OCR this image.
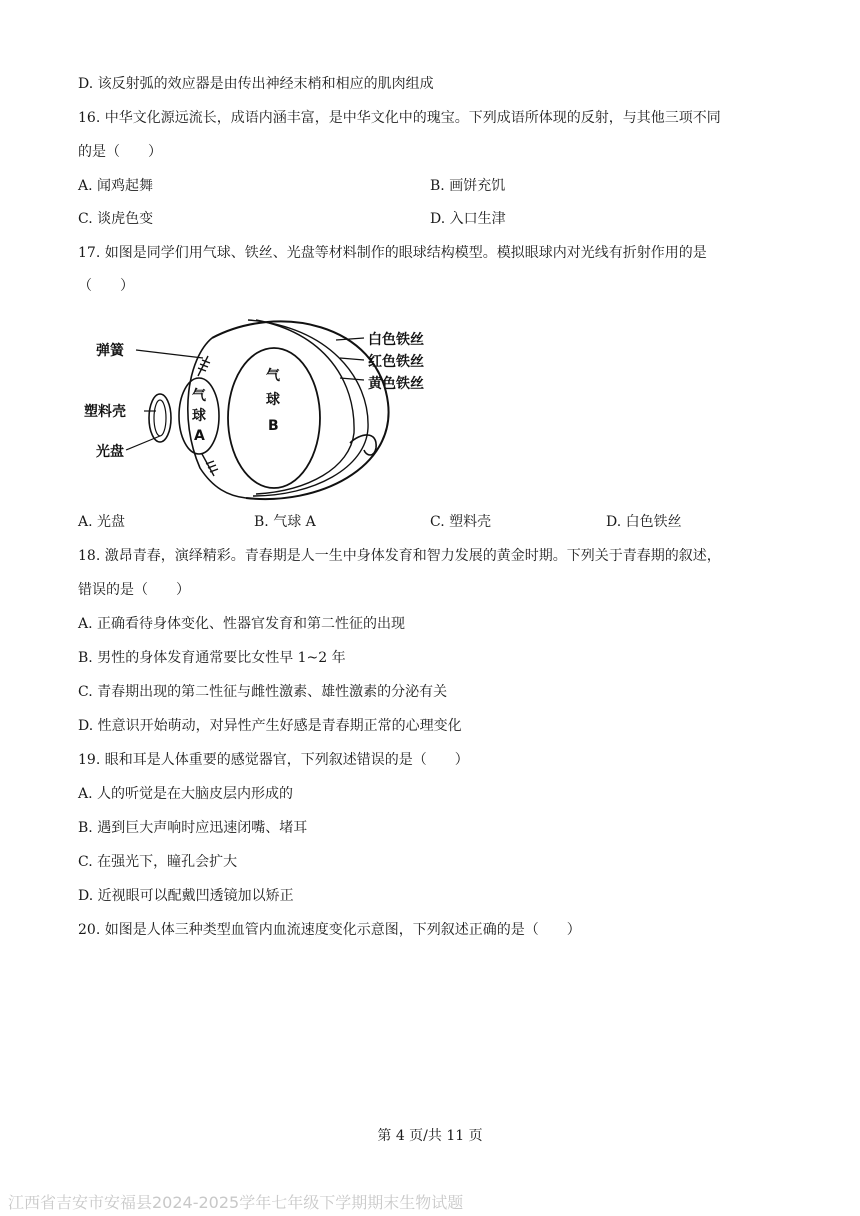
D. 该反射弧的效应器是由传出神经末梢和相应的肌肉组成
16. 中华文化源远流长，成语内涵丰富，是中华文化中的瑰宝。下列成语所体现的反射，与其他三项不同
的是（　　）
A. 闻鸡起舞	B. 画饼充饥
C. 谈虎色变	D. 入口生津
17. 如图是同学们用气球、铁丝、光盘等材料制作的眼球结构模型。模拟眼球内对光线有折射作用的是
（　　）
弹簧
塑料壳
光盘
白色铁丝
红色铁丝
黄色铁丝
气
球
A
气
球
B
A. 光盘	B. 气球 A	C. 塑料壳	D. 白色铁丝
18. 激昂青春，演绎精彩。青春期是人一生中身体发育和智力发展的黄金时期。下列关于青春期的叙述，
错误的是（　　）
A. 正确看待身体变化、性器官发育和第二性征的出现
B. 男性的身体发育通常要比女性早 1~2 年
C. 青春期出现的第二性征与雌性激素、雄性激素的分泌有关
D. 性意识开始萌动，对异性产生好感是青春期正常的心理变化
19. 眼和耳是人体重要的感觉器官，下列叙述错误的是（　　）
A. 人的听觉是在大脑皮层内形成的
B. 遇到巨大声响时应迅速闭嘴、堵耳
C. 在强光下，瞳孔会扩大
D. 近视眼可以配戴凹透镜加以矫正
20. 如图是人体三种类型血管内血流速度变化示意图，下列叙述正确的是（　　）
第 4 页/共 11 页
江西省吉安市安福县2024-2025学年七年级下学期期末生物试题
